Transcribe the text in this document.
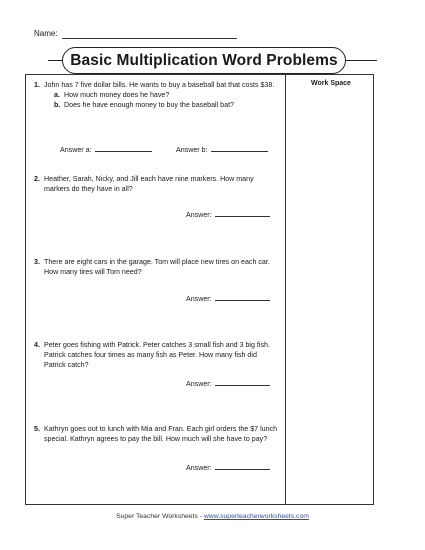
Name:
Basic Multiplication Word Problems
Work Space
1. John has 7 five dollar bills. He wants to buy a baseball bat that costs $38.
a. How much money does he have?
b. Does he have enough money to buy the baseball bat?
Answer a:	Answer b:
2. Heather, Sarah, Nicky, and Jill each have nine markers. How many markers do they have in all?
Answer:
3. There are eight cars in the garage. Tom will place new tires on each car. How many tires will Tom need?
Answer:
4. Peter goes fishing with Patrick. Peter catches 3 small fish and 3 big fish. Patrick catches four times as many fish as Peter. How many fish did Patrick catch?
Answer:
5. Kathryn goes out to lunch with Mia and Fran. Each girl orders the $7 lunch special. Kathryn agrees to pay the bill. How much will she have to pay?
Answer:
Super Teacher Worksheets - www.superteacherworksheets.com
